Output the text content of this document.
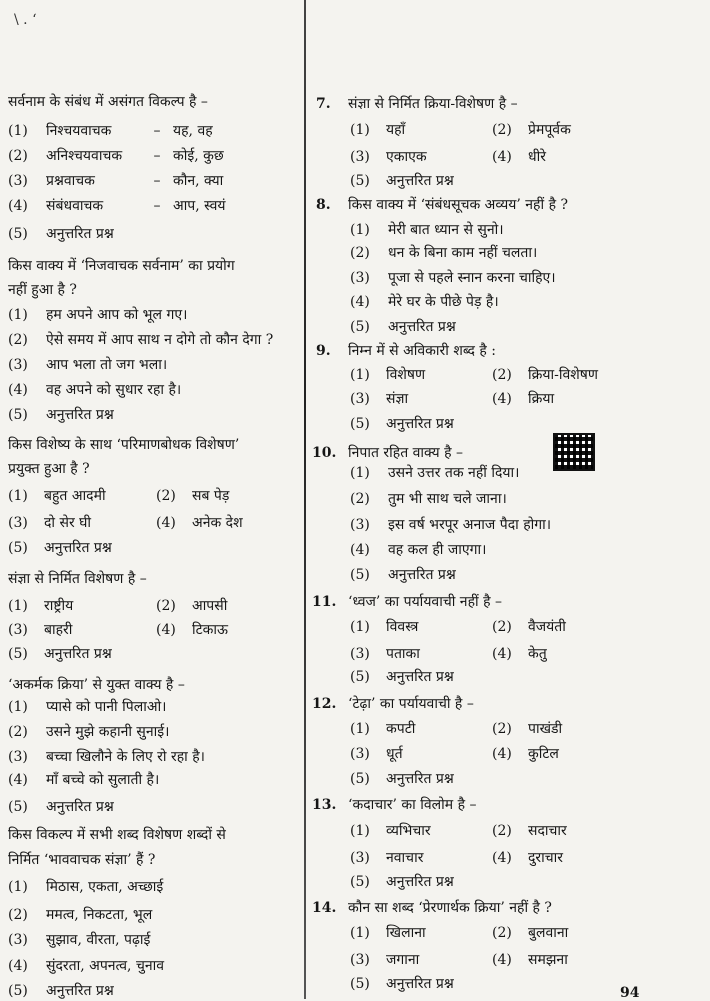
\ . ‘
सर्वनाम के संबंध में असंगत विकल्प है –
(1) निश्चयवाचक	– यह, वह
(2) अनिश्चयवाचक – कोई, कुछ
(3) प्रश्नवाचक	– कौन, क्या
(4) संबंधवाचक	– आप, स्वयं
(5) अनुत्तरित प्रश्न
किस वाक्य में ‘निजवाचक सर्वनाम’ का प्रयोग
नहीं हुआ है ?
(1) हम अपने आप को भूल गए।
(2) ऐसे समय में आप साथ न दोगे तो कौन देगा ?
(3) आप भला तो जग भला।
(4) वह अपने को सुधार रहा है।
(5) अनुत्तरित प्रश्न
किस विशेष्य के साथ ‘परिमाणबोधक विशेषण’
प्रयुक्त हुआ है ?
(1) बहुत आदमी	(2) सब पेड़
(3) दो सेर घी	(4) अनेक देश
(5) अनुत्तरित प्रश्न
संज्ञा से निर्मित विशेषण है –
(1) राष्ट्रीय	(2) आपसी
(3) बाहरी	(4) टिकाऊ
(5) अनुत्तरित प्रश्न
‘अकर्मक क्रिया’ से युक्त वाक्य है –
(1) प्यासे को पानी पिलाओ।
(2) उसने मुझे कहानी सुनाई।
(3) बच्चा खिलौने के लिए रो रहा है।
(4) माँ बच्चे को सुलाती है।
(5) अनुत्तरित प्रश्न
किस विकल्प में सभी शब्द विशेषण शब्दों से
निर्मित ‘भाववाचक संज्ञा’ हैं ?
(1) मिठास, एकता, अच्छाई
(2) ममत्व, निकटता, भूल
(3) सुझाव, वीरता, पढ़ाई
(4) सुंदरता, अपनत्व, चुनाव
(5) अनुत्तरित प्रश्न
7. संज्ञा से निर्मित क्रिया-विशेषण है –
(1) यहाँ	(2) प्रेमपूर्वक
(3) एकाएक	(4) धीरे
(5) अनुत्तरित प्रश्न
8. किस वाक्य में ‘संबंधसूचक अव्यय’ नहीं है ?
(1) मेरी बात ध्यान से सुनो।
(2) धन के बिना काम नहीं चलता।
(3) पूजा से पहले स्नान करना चाहिए।
(4) मेरे घर के पीछे पेड़ है।
(5) अनुत्तरित प्रश्न
9. निम्न में से अविकारी शब्द है :
(1) विशेषण	(2) क्रिया-विशेषण
(3) संज्ञा	(4) क्रिया
(5) अनुत्तरित प्रश्न
10. निपात रहित वाक्य है –
(1) उसने उत्तर तक नहीं दिया।
(2) तुम भी साथ चले जाना।
(3) इस वर्ष भरपूर अनाज पैदा होगा।
(4) वह कल ही जाएगा।
(5) अनुत्तरित प्रश्न
11. ‘ध्वज’ का पर्यायवाची नहीं है –
(1) विवस्त्र	(2) वैजयंती
(3) पताका	(4) केतु
(5) अनुत्तरित प्रश्न
12. ‘टेढ़ा’ का पर्यायवाची है –
(1) कपटी	(2) पाखंडी
(3) धूर्त	(4) कुटिल
(5) अनुत्तरित प्रश्न
13. ‘कदाचार’ का विलोम है –
(1) व्यभिचार	(2) सदाचार
(3) नवाचार	(4) दुराचार
(5) अनुत्तरित प्रश्न
14. कौन सा शब्द ‘प्रेरणार्थक क्रिया’ नहीं है ?
(1) खिलाना	(2) बुलवाना
(3) जगाना	(4) समझना
(5) अनुत्तरित प्रश्न
94
